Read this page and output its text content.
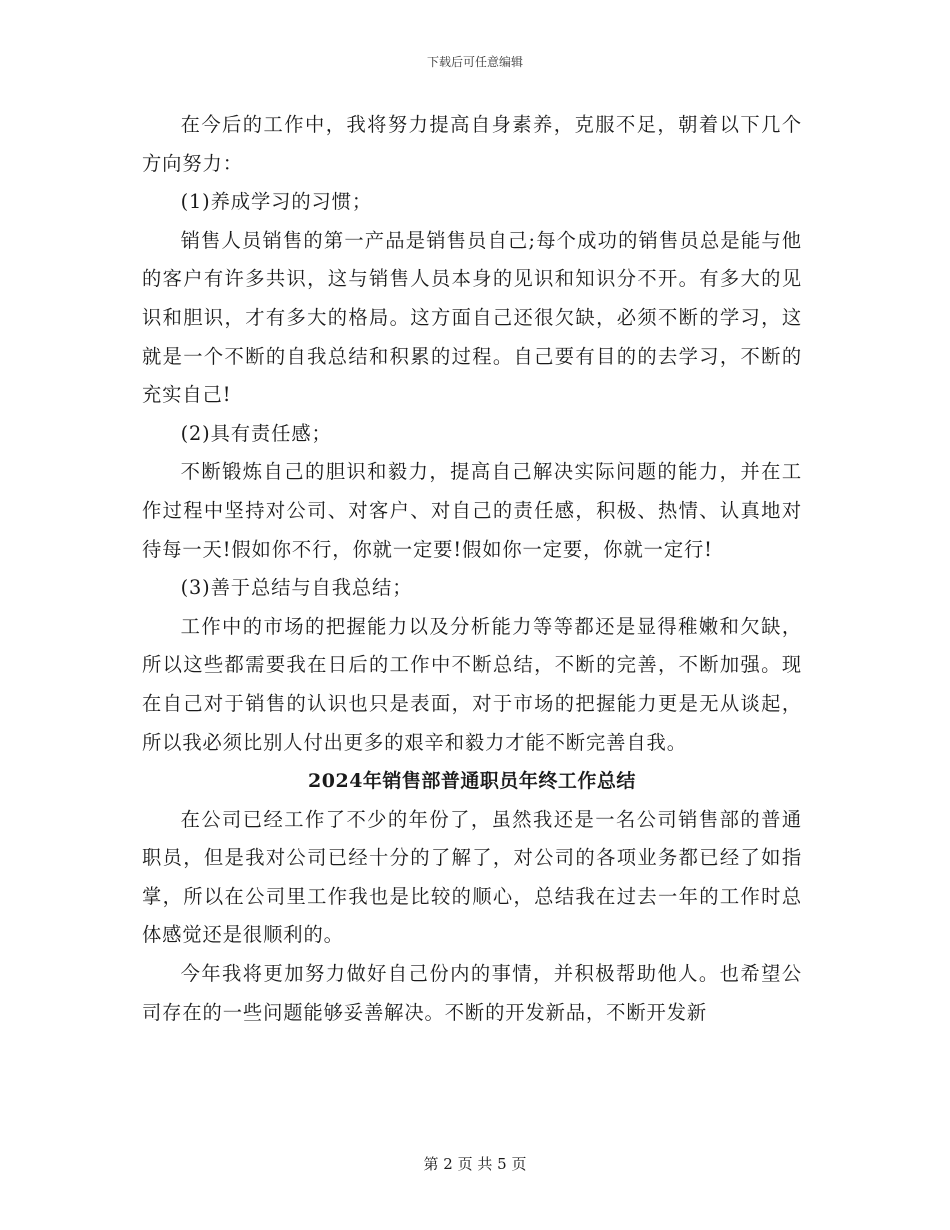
下载后可任意编辑

在今后的工作中，我将努力提高自身素养，克服不足，朝着以下几个方向努力：

(1)养成学习的习惯；

销售人员销售的第一产品是销售员自己;每个成功的销售员总是能与他的客户有许多共识，这与销售人员本身的见识和知识分不开。有多大的见识和胆识，才有多大的格局。这方面自己还很欠缺，必须不断的学习，这就是一个不断的自我总结和积累的过程。自己要有目的的去学习，不断的充实自己!

(2)具有责任感；

不断锻炼自己的胆识和毅力，提高自己解决实际问题的能力，并在工作过程中坚持对公司、对客户、对自己的责任感，积极、热情、认真地对待每一天!假如你不行，你就一定要!假如你一定要，你就一定行!

(3)善于总结与自我总结；

工作中的市场的把握能力以及分析能力等等都还是显得稚嫩和欠缺，所以这些都需要我在日后的工作中不断总结，不断的完善，不断加强。现在自己对于销售的认识也只是表面，对于市场的把握能力更是无从谈起，所以我必须比别人付出更多的艰辛和毅力才能不断完善自我。

2024年销售部普通职员年终工作总结

在公司已经工作了不少的年份了，虽然我还是一名公司销售部的普通职员，但是我对公司已经十分的了解了，对公司的各项业务都已经了如指掌，所以在公司里工作我也是比较的顺心，总结我在过去一年的工作时总体感觉还是很顺利的。

今年我将更加努力做好自己份内的事情，并积极帮助他人。也希望公司存在的一些问题能够妥善解决。不断的开发新品，不断开发新

第 2 页 共 5 页
